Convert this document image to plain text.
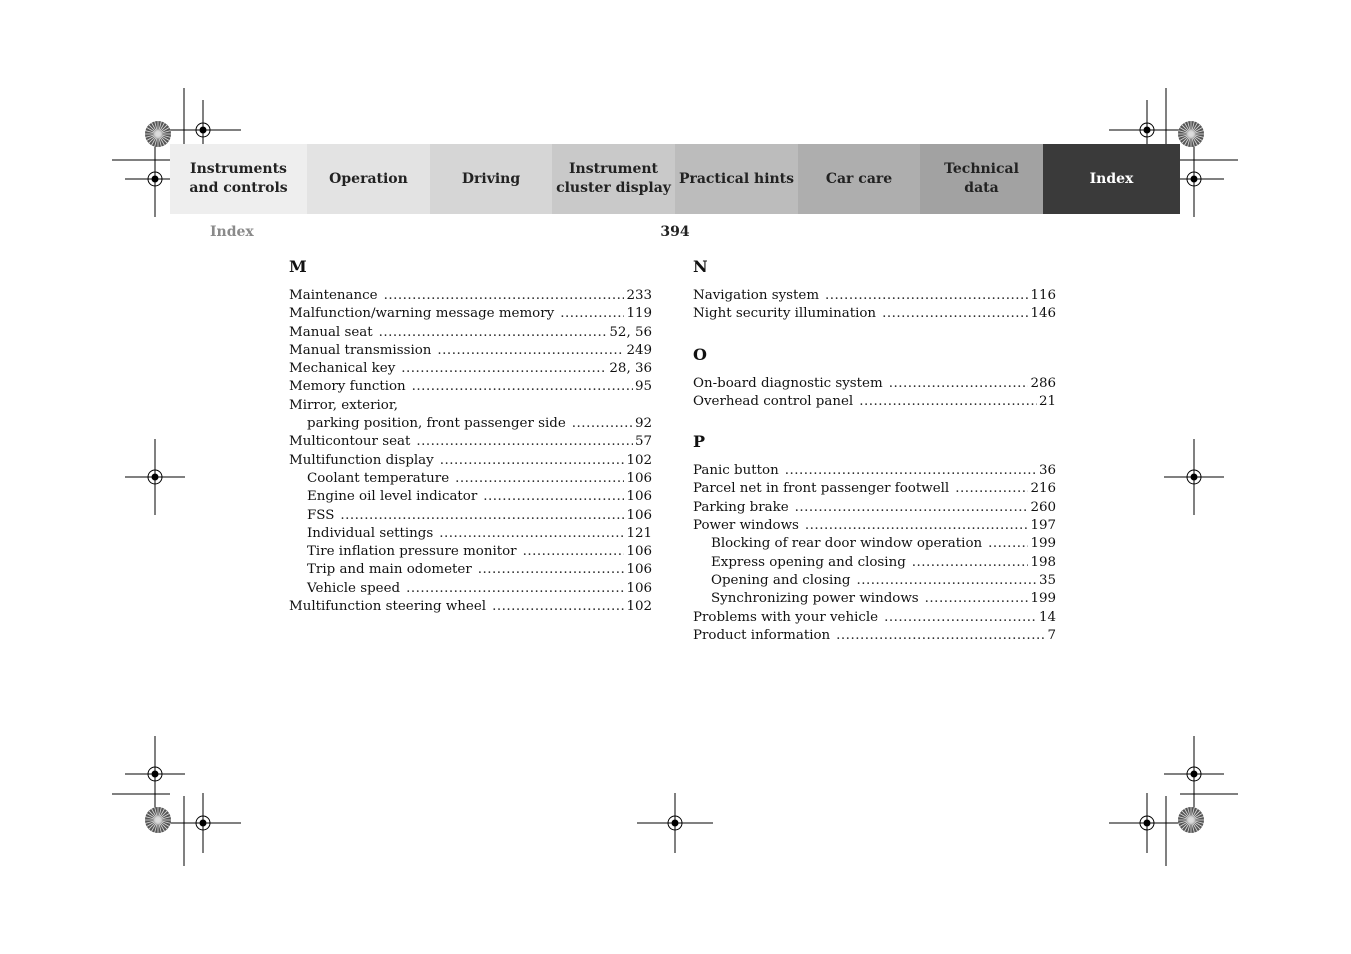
Instruments
and controls
Operation	Driving
Instrument
cluster display
Practical hints Car care
Technical
data
Index
Index	394
M
Maintenance .....	233
Malfunction/warning message memory .....	119
Manual seat .....	52, 56
Manual transmission .....	249
Mechanical key .....	28, 36
Memory function .....	95
Mirror, exterior,
parking position, front passenger side .....	92
Multicontour seat .....	57
Multifunction display .....	102
Coolant temperature .....	106
Engine oil level indicator .....	106
FSS .....	106
Individual settings .....	121
Tire inflation pressure monitor .....	106
Trip and main odometer .....	106
Vehicle speed .....	106
Multifunction steering wheel .....	102
N
Navigation system .....	116
Night security illumination .....	146
O
On-board diagnostic system .....	286
Overhead control panel .....	21
P
Panic button .....	36
Parcel net in front passenger footwell .....	216
Parking brake .....	260
Power windows .....	197
Blocking of rear door window operation .....	199
Express opening and closing .....	198
Opening and closing .....	35
Synchronizing power windows .....	199
Problems with your vehicle .....	14
Product information .....	7
